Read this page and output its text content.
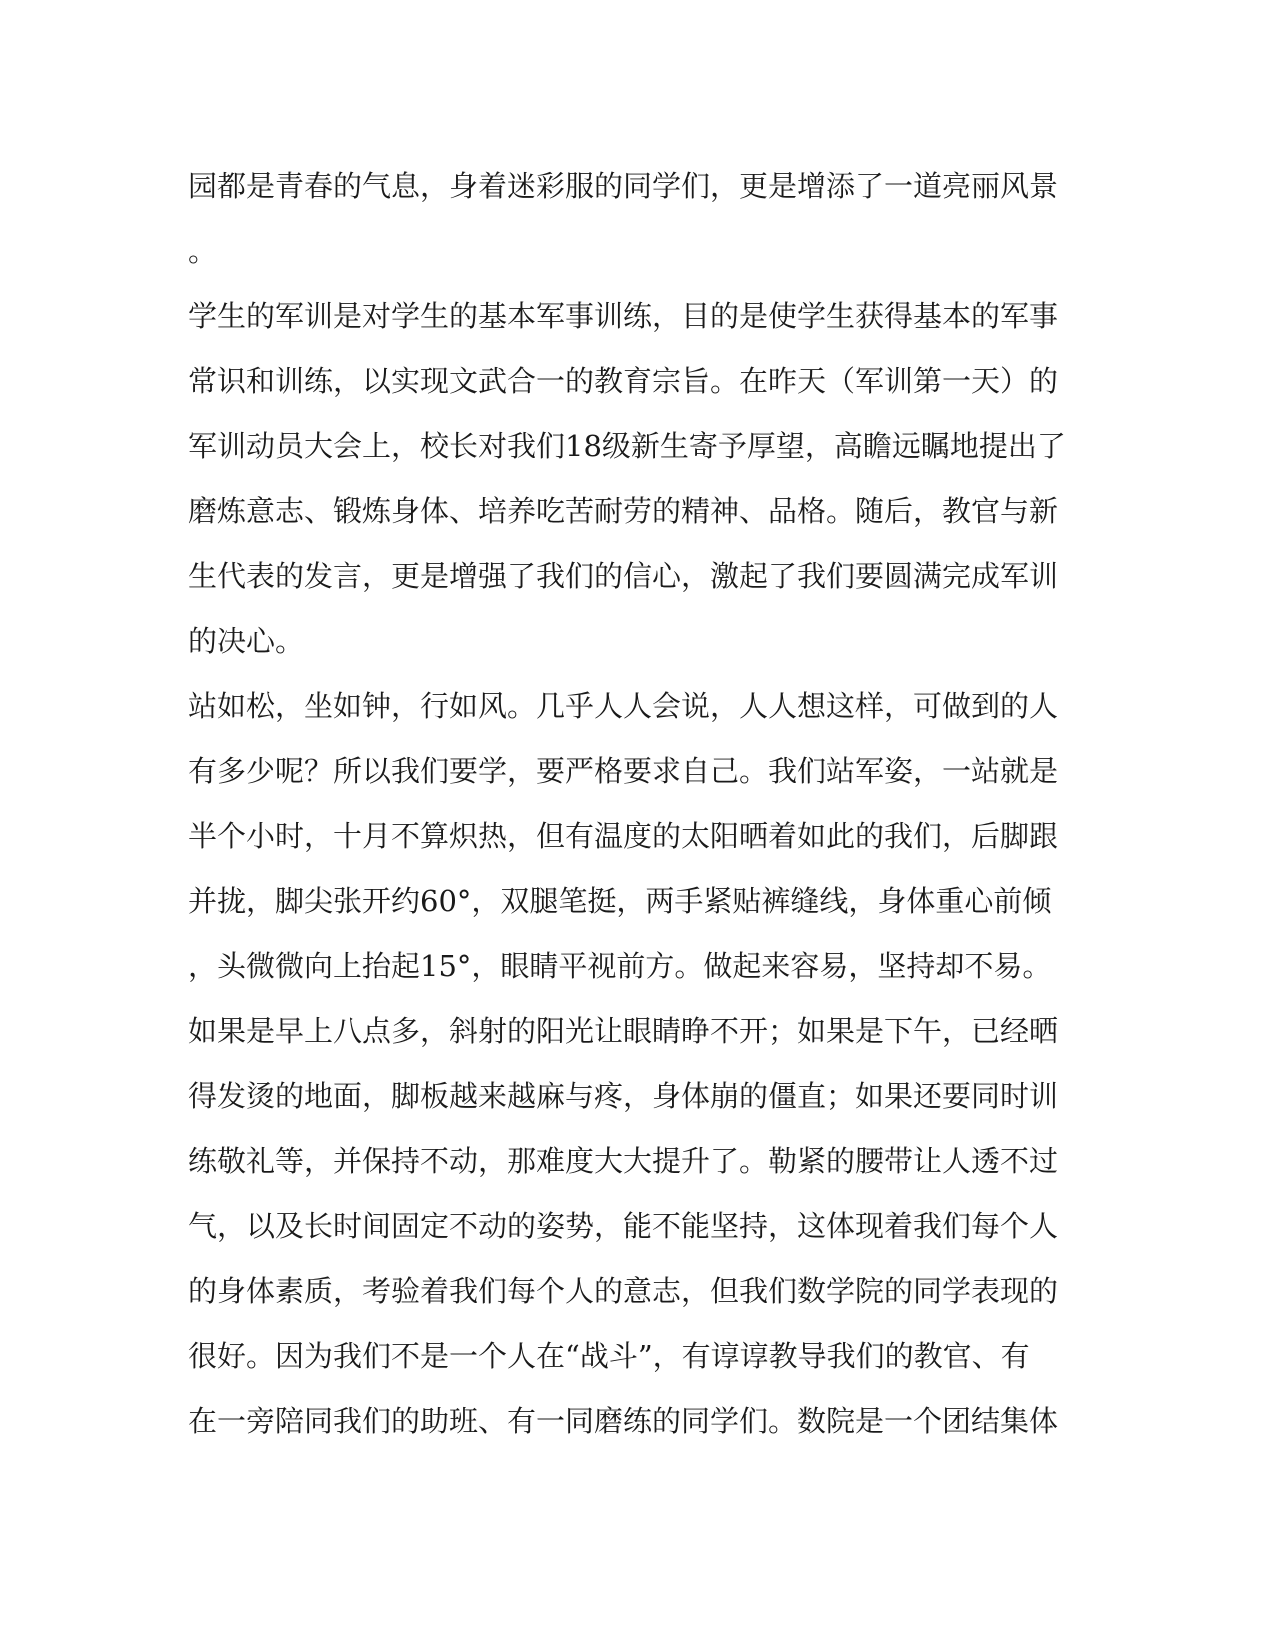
园都是青春的气息，身着迷彩服的同学们，更是增添了一道亮丽风景
。
学生的军训是对学生的基本军事训练，目的是使学生获得基本的军事
常识和训练，以实现文武合一的教育宗旨。在昨天（军训第一天）的
军训动员大会上，校长对我们18级新生寄予厚望，高瞻远瞩地提出了
磨炼意志、锻炼身体、培养吃苦耐劳的精神、品格。随后，教官与新
生代表的发言，更是增强了我们的信心，激起了我们要圆满完成军训
的决心。
站如松，坐如钟，行如风。几乎人人会说，人人想这样，可做到的人
有多少呢？所以我们要学，要严格要求自己。我们站军姿，一站就是
半个小时，十月不算炽热，但有温度的太阳晒着如此的我们，后脚跟
并拢，脚尖张开约60°，双腿笔挺，两手紧贴裤缝线，身体重心前倾
，头微微向上抬起15°，眼睛平视前方。做起来容易，坚持却不易。
如果是早上八点多，斜射的阳光让眼睛睁不开；如果是下午，已经晒
得发烫的地面，脚板越来越麻与疼，身体崩的僵直；如果还要同时训
练敬礼等，并保持不动，那难度大大提升了。勒紧的腰带让人透不过
气，以及长时间固定不动的姿势，能不能坚持，这体现着我们每个人
的身体素质，考验着我们每个人的意志，但我们数学院的同学表现的
很好。因为我们不是一个人在“战斗”，有谆谆教导我们的教官、有
在一旁陪同我们的助班、有一同磨练的同学们。数院是一个团结集体
